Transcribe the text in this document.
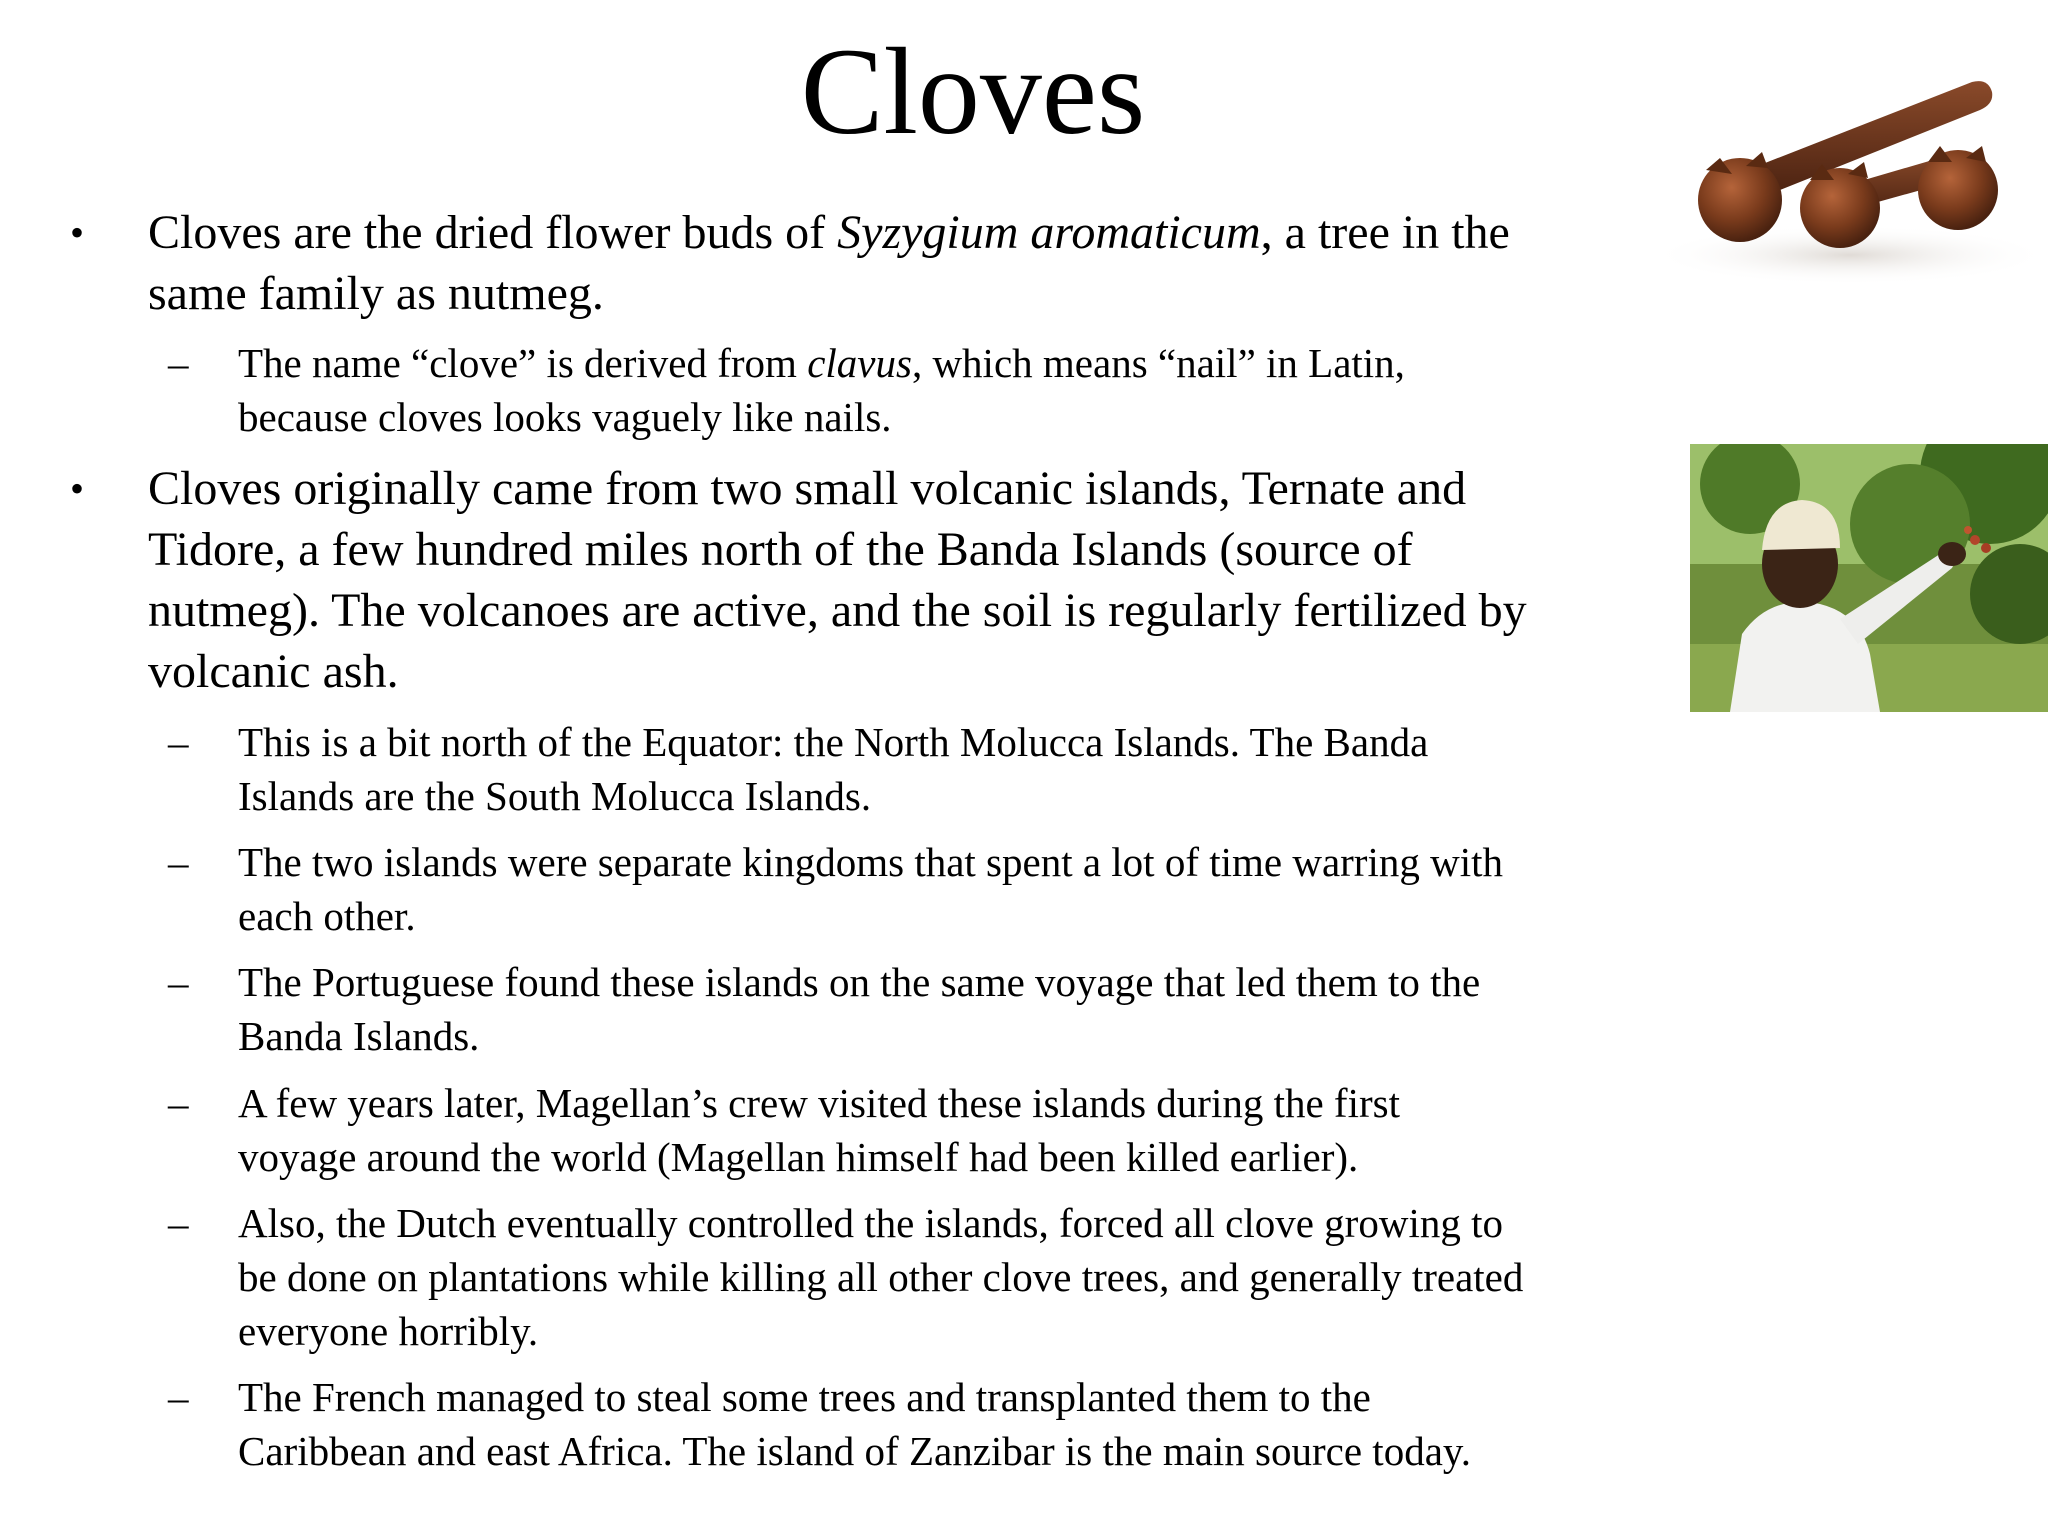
Cloves
• Cloves are the dried flower buds of Syzygium aromaticum, a tree in the
same family as nutmeg.

– The name “clove” is derived from clavus, which means “nail” in Latin,
because cloves looks vaguely like nails.

• Cloves originally came from two small volcanic islands, Ternate and
Tidore, a few hundred miles north of the Banda Islands (source of
nutmeg). The volcanoes are active, and the soil is regularly fertilized by
volcanic ash.

– This is a bit north of the Equator: the North Molucca Islands. The Banda
Islands are the South Molucca Islands.

– The two islands were separate kingdoms that spent a lot of time warring with
each other.

– The Portuguese found these islands on the same voyage that led them to the
Banda Islands.

– A few years later, Magellan’s crew visited these islands during the first
voyage around the world (Magellan himself had been killed earlier).

– Also, the Dutch eventually controlled the islands, forced all clove growing to
be done on plantations while killing all other clove trees, and generally treated
everyone horribly.

– The French managed to steal some trees and transplanted them to the
Caribbean and east Africa. The island of Zanzibar is the main source today.
